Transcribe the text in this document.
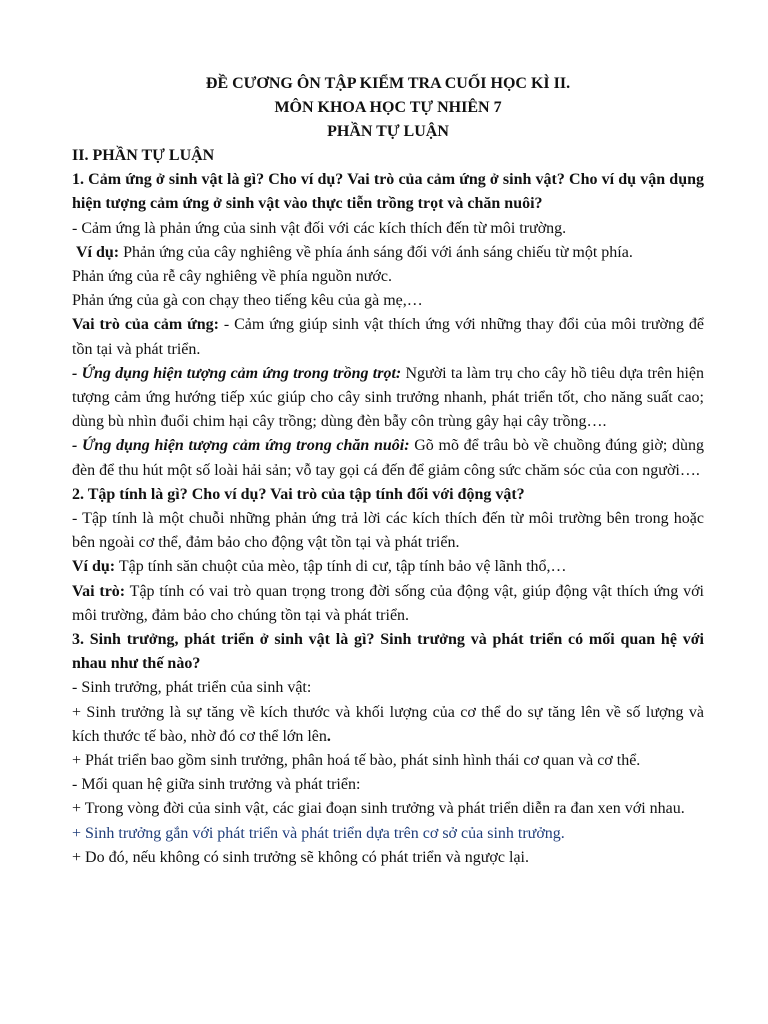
ĐỀ CƯƠNG ÔN TẬP KIỂM TRA CUỐI HỌC KÌ II.

MÔN KHOA HỌC TỰ NHIÊN 7

PHẦN TỰ LUẬN

II. PHẦN TỰ LUẬN

1. Cảm ứng ở sinh vật là gì? Cho ví dụ? Vai trò của cảm ứng ở sinh vật? Cho ví dụ vận dụng hiện tượng cảm ứng ở sinh vật vào thực tiễn trồng trọt và chăn nuôi?

- Cảm ứng là phản ứng của sinh vật đối với các kích thích đến từ môi trường.

Ví dụ: Phản ứng của cây nghiêng về phía ánh sáng đối với ánh sáng chiếu từ một phía.

Phản ứng của rễ cây nghiêng về phía nguồn nước.

Phản ứng của gà con chạy theo tiếng kêu của gà mẹ,…

Vai trò của cảm ứng: - Cảm ứng giúp sinh vật thích ứng với những thay đổi của môi trường để tồn tại và phát triển.

- Ứng dụng hiện tượng cảm ứng trong trồng trọt: Người ta làm trụ cho cây hồ tiêu dựa trên hiện tượng cảm ứng hướng tiếp xúc giúp cho cây sinh trưởng nhanh, phát triển tốt, cho năng suất cao; dùng bù nhìn đuổi chim hại cây trồng; dùng đèn bẫy côn trùng gây hại cây trồng….

- Ứng dụng hiện tượng cảm ứng trong chăn nuôi: Gõ mõ để trâu bò về chuồng đúng giờ; dùng đèn để thu hút một số loài hải sản; vỗ tay gọi cá đến để giảm công sức chăm sóc của con người….

2. Tập tính là gì? Cho ví dụ? Vai trò của tập tính đối với động vật?

- Tập tính là một chuỗi những phản ứng trả lời các kích thích đến từ môi trường bên trong hoặc bên ngoài cơ thể, đảm bảo cho động vật tồn tại và phát triển.

Ví dụ: Tập tính săn chuột của mèo, tập tính di cư, tập tính bảo vệ lãnh thổ,…

Vai trò: Tập tính có vai trò quan trọng trong đời sống của động vật, giúp động vật thích ứng với môi trường, đảm bảo cho chúng tồn tại và phát triển.

3. Sinh trưởng, phát triển ở sinh vật là gì? Sinh trưởng và phát triển có mối quan hệ với nhau như thế nào?

- Sinh trưởng, phát triển của sinh vật:

+ Sinh trưởng là sự tăng về kích thước và khối lượng của cơ thể do sự tăng lên về số lượng và kích thước tế bào, nhờ đó cơ thể lớn lên.

+ Phát triển bao gồm sinh trưởng, phân hoá tế bào, phát sinh hình thái cơ quan và cơ thể.

- Mối quan hệ giữa sinh trưởng và phát triển:

+ Trong vòng đời của sinh vật, các giai đoạn sinh trưởng và phát triển diễn ra đan xen với nhau.

+ Sinh trưởng gắn với phát triển và phát triển dựa trên cơ sở của sinh trưởng.

+ Do đó, nếu không có sinh trưởng sẽ không có phát triển và ngược lại.
